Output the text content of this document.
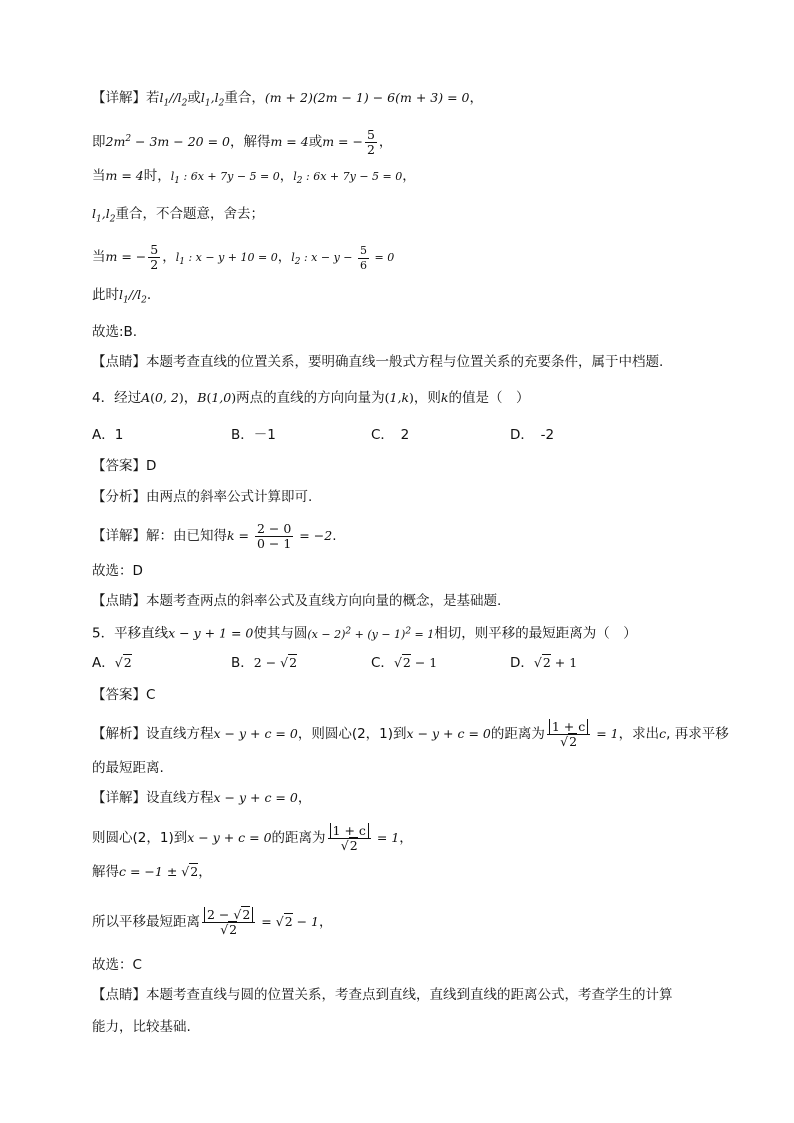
【详解】若$l_1//l_2$或$l_1,l_2$重合，(m + 2)(2m − 1) − 6(m + 3) = 0，
即$2m^2 - 3m - 20 = 0$，解得m = 4或m = − $\frac{5}{2}$ ，
当m = 4时，$l_1$ : 6x + 7y − 5 = 0，$l_2$ : 6x + 7y − 5 = 0，
$l_1,l_2$重合，不合题意，舍去；
当m = − $\frac{5}{2}$ ，$l_1$ : x − y + 10 = 0，$l_2$ : $x - y - \frac{5}{6} = 0$
此时$l_1//l_2$.
故选:B.
【点睛】本题考查直线的位置关系，要明确直线一般式方程与位置关系的充要条件，属于中档题.
4．经过A(0, 2)，B(1,0)两点的直线的方向向量为(1,k)，则k的值是（　）
A．1	B．－1	C．　2	D．　-2
【答案】D
【分析】由两点的斜率公式计算即可.
【详解】解：由已知得$k = \frac{2 - 0}{0 - 1} = -2$.
故选：D
【点睛】本题考查两点的斜率公式及直线方向向量的概念，是基础题.
5．平移直线x − y + 1 = 0使其与圆$(x - 2)^2 + (y - 1)^2 = 1$相切，则平移的最短距离为（　）
A．√2	B．2 − √2	C．√2 − 1	D．√2 + 1
【答案】C
【解析】设直线方程x − y + c = 0，则圆心(2，1)到x − y + c = 0的距离为 $\frac{1 + c}{√2} = 1$，求出c, 再求平移
的最短距离.
【详解】设直线方程x − y + c = 0，
则圆心(2，1)到x − y + c = 0的距离为 $\frac{1 + c}{√2} = 1$，
解得c = −1 ± √2，
所以平移最短距离 $\frac{2 - √2}{√2} = √2 - 1$，
故选：C
【点睛】本题考查直线与圆的位置关系，考查点到直线，直线到直线的距离公式，考查学生的计算
能力，比较基础.
